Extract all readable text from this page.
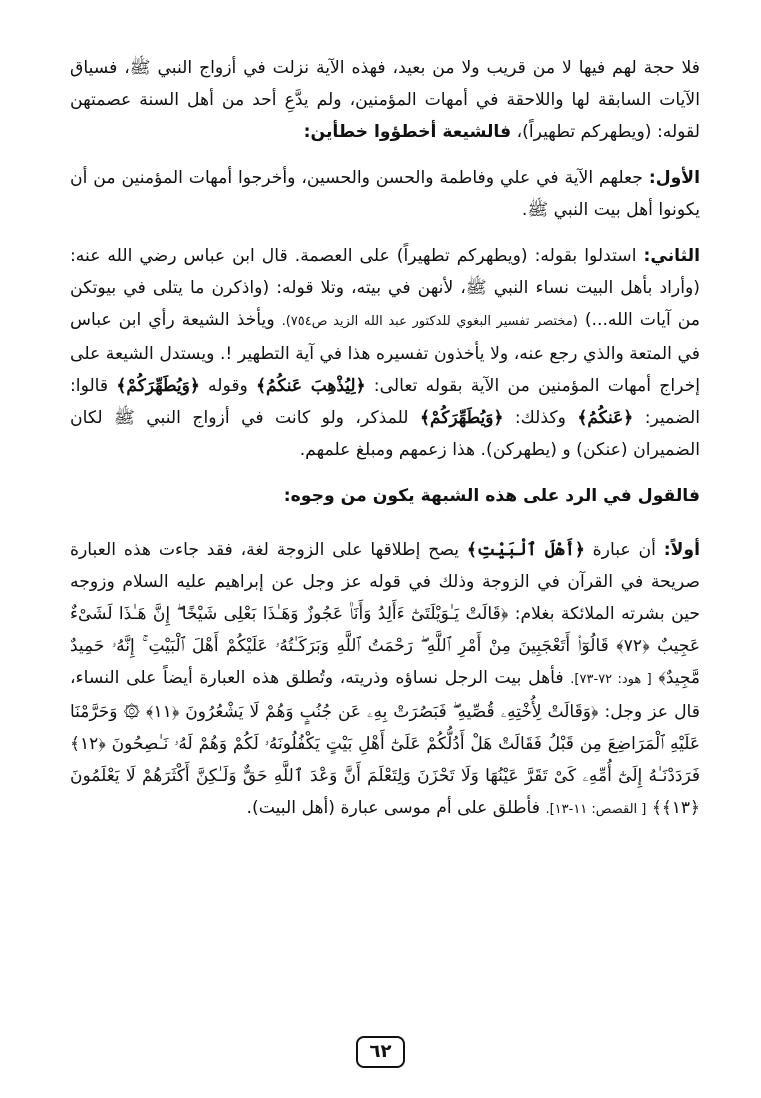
فلا حجة لهم فيها لا من قريب ولا من بعيد، فهذه الآية نزلت في أزواج النبي ﷺ، فسياق الآيات السابقة لها واللاحقة في أمهات المؤمنين، ولم يدَّعِ أحد من أهل السنة عصمتهن لقوله: (ويطهركم تطهيراً)، فالشيعة أخطؤوا خطأين:

الأول: جعلهم الآية في علي وفاطمة والحسن والحسين، وأخرجوا أمهات المؤمنين من أن يكونوا أهل بيت النبي ﷺ.

الثاني: استدلوا بقوله: (ويطهركم تطهيراً) على العصمة. قال ابن عباس رضي الله عنه: (وأراد بأهل البيت نساء النبي ﷺ، لأنهن في بيته، وتلا قوله: (واذكرن ما يتلى في بيوتكن من آيات الله...) (مختصر تفسير البغوي للدكتور عبد الله الزيد ص٧٥٤). ويأخذ الشيعة رأي ابن عباس في المتعة والذي رجع عنه، ولا يأخذون تفسيره هذا في آية التطهير !. ويستدل الشيعة على إخراج أمهات المؤمنين من الآية بقوله تعالى: ﴿لِيُذْهِبَ عَنكُمُ﴾ وقوله ﴿وَيُطَهِّرَكُمْ﴾ قالوا: الضمير: ﴿عَنكُمُ﴾ وكذلك: ﴿وَيُطَهِّرَكُمْ﴾ للمذكر، ولو كانت في أزواج النبي ﷺ لكان الضميران (عنكن) و (يطهركن). هذا زعمهم ومبلغ علمهم.

فالقول في الرد على هذه الشبهة يكون من وجوه:

أولاً: أن عبارة ﴿أَهْلَ ٱلْبَيْتِ﴾ يصح إطلاقها على الزوجة لغة، فقد جاءت هذه العبارة صريحة في القرآن في الزوجة وذلك في قوله عز وجل عن إبراهيم عليه السلام وزوجه حين بشرته الملائكة بغلام: ﴿قَالَتْ يَـٰوَيْلَتَىٰٓ ءَأَلِدُ وَأَنَا۠ عَجُوزٌ وَهَـٰذَا بَعْلِى شَيْخًا ۖ إِنَّ هَـٰذَا لَشَىْءٌ عَجِيبٌ ﴿٧٢﴾ قَالُوٓا۟ أَتَعْجَبِينَ مِنْ أَمْرِ ٱللَّهِ ۖ رَحْمَتُ ٱللَّهِ وَبَرَكَـٰتُهُۥ عَلَيْكُمْ أَهْلَ ٱلْبَيْتِ ۚ إِنَّهُۥ حَمِيدٌ مَّجِيدٌ﴾ [ هود: ٧٢-٧٣]. فأهل بيت الرجل نساؤه وذريته، وتُطلق هذه العبارة أيضاً على النساء، قال عز وجل: ﴿وَقَالَتْ لِأُخْتِهِۦ قُصِّيهِ ۖ فَبَصُرَتْ بِهِۦ عَن جُنُبٍ وَهُمْ لَا يَشْعُرُونَ ﴿١١﴾ ۞ وَحَرَّمْنَا عَلَيْهِ ٱلْمَرَاضِعَ مِن قَبْلُ فَقَالَتْ هَلْ أَدُلُّكُمْ عَلَىٰٓ أَهْلِ بَيْتٍ يَكْفُلُونَهُۥ لَكُمْ وَهُمْ لَهُۥ نَـٰصِحُونَ ﴿١٢﴾ فَرَدَدْنَـٰهُ إِلَىٰٓ أُمِّهِۦ كَىْ تَقَرَّ عَيْنُهَا وَلَا تَحْزَنَ وَلِتَعْلَمَ أَنَّ وَعْدَ ٱللَّهِ حَقٌّ وَلَـٰكِنَّ أَكْثَرَهُمْ لَا يَعْلَمُونَ ﴿١٣﴾﴾ [ القصص: ١١-١٣]. فأطلق على أم موسى عبارة (أهل البيت).

٦٢
